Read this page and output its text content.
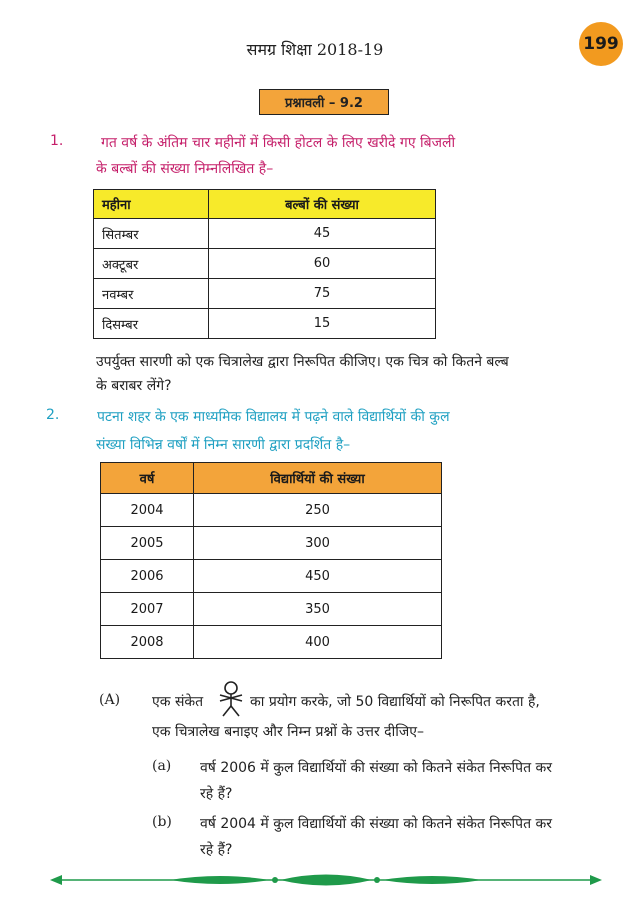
समग्र शिक्षा 2018-19	199
प्रश्नावली – 9.2
1.	गत वर्ष के अंतिम चार महीनों में किसी होटल के लिए खरीदे गए बिजली
के बल्बों की संख्या निम्नलिखित है–
महीना	बल्बों की संख्या
सितम्बर	45
अक्टूबर	60
नवम्बर	75
दिसम्बर	15
उपर्युक्त सारणी को एक चित्रालेख द्वारा निरूपित कीजिए। एक चित्र को कितने बल्ब
के बराबर लेंगे?
2.	पटना शहर के एक माध्यमिक विद्यालय में पढ़ने वाले विद्यार्थियों की कुल
संख्या विभिन्न वर्षों में निम्न सारणी द्वारा प्रदर्शित है–
वर्ष	विद्यार्थियों की संख्या
2004	250
2005	300
2006	450
2007	350
2008	400
(A) एक संकेत	का प्रयोग करके, जो 50 विद्यार्थियों को निरूपित करता है,
एक चित्रालेख बनाइए और निम्न प्रश्नों के उत्तर दीजिए–
(a) वर्ष 2006 में कुल विद्यार्थियों की संख्या को कितने संकेत निरूपित कर
रहे हैं?
(b) वर्ष 2004 में कुल विद्यार्थियों की संख्या को कितने संकेत निरूपित कर
रहे हैं?
